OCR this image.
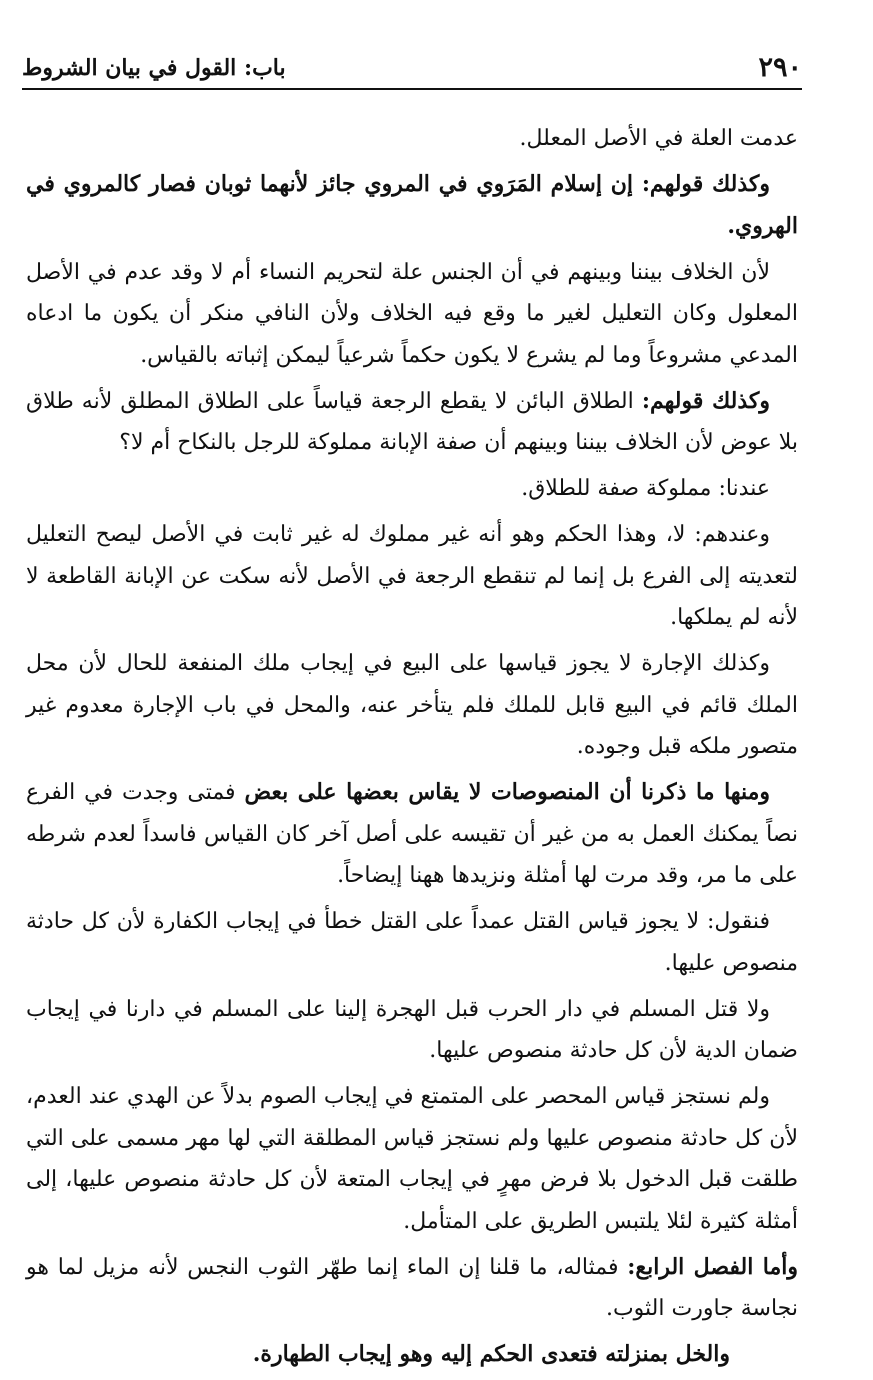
٢٩٠
باب: القول في بيان الشروط

عدمت العلة في الأصل المعلل.

وكذلك قولهم: إن إسلام المَرَوي في المروي جائز لأنهما ثوبان فصار كالمروي في الهروي.

لأن الخلاف بيننا وبينهم في أن الجنس علة لتحريم النساء أم لا وقد عدم في الأصل المعلول وكان التعليل لغير ما وقع فيه الخلاف ولأن النافي منكر أن يكون ما ادعاه المدعي مشروعاً وما لم يشرع لا يكون حكماً شرعياً ليمكن إثباته بالقياس.

وكذلك قولهم: الطلاق البائن لا يقطع الرجعة قياساً على الطلاق المطلق لأنه طلاق بلا عوض لأن الخلاف بيننا وبينهم أن صفة الإبانة مملوكة للرجل بالنكاح أم لا؟

عندنا: مملوكة صفة للطلاق.

وعندهم: لا، وهذا الحكم وهو أنه غير مملوك له غير ثابت في الأصل ليصح التعليل لتعديته إلى الفرع بل إنما لم تنقطع الرجعة في الأصل لأنه سكت عن الإبانة القاطعة لا لأنه لم يملكها.

وكذلك الإجارة لا يجوز قياسها على البيع في إيجاب ملك المنفعة للحال لأن محل الملك قائم في البيع قابل للملك فلم يتأخر عنه، والمحل في باب الإجارة معدوم غير متصور ملكه قبل وجوده.

ومنها ما ذكرنا أن المنصوصات لا يقاس بعضها على بعض فمتى وجدت في الفرع نصاً يمكنك العمل به من غير أن تقيسه على أصل آخر كان القياس فاسداً لعدم شرطه على ما مر، وقد مرت لها أمثلة ونزيدها ههنا إيضاحاً.

فنقول: لا يجوز قياس القتل عمداً على القتل خطأ في إيجاب الكفارة لأن كل حادثة منصوص عليها.

ولا قتل المسلم في دار الحرب قبل الهجرة إلينا على المسلم في دارنا في إيجاب ضمان الدية لأن كل حادثة منصوص عليها.

ولم نستجز قياس المحصر على المتمتع في إيجاب الصوم بدلاً عن الهدي عند العدم، لأن كل حادثة منصوص عليها ولم نستجز قياس المطلقة التي لها مهر مسمى على التي طلقت قبل الدخول بلا فرض مهرٍ في إيجاب المتعة لأن كل حادثة منصوص عليها، إلى أمثلة كثيرة لئلا يلتبس الطريق على المتأمل.

وأما الفصل الرابع: فمثاله، ما قلنا إن الماء إنما طهّر الثوب النجس لأنه مزيل لما هو نجاسة جاورت الثوب.

والخل بمنزلته فتعدى الحكم إليه وهو إيجاب الطهارة.
